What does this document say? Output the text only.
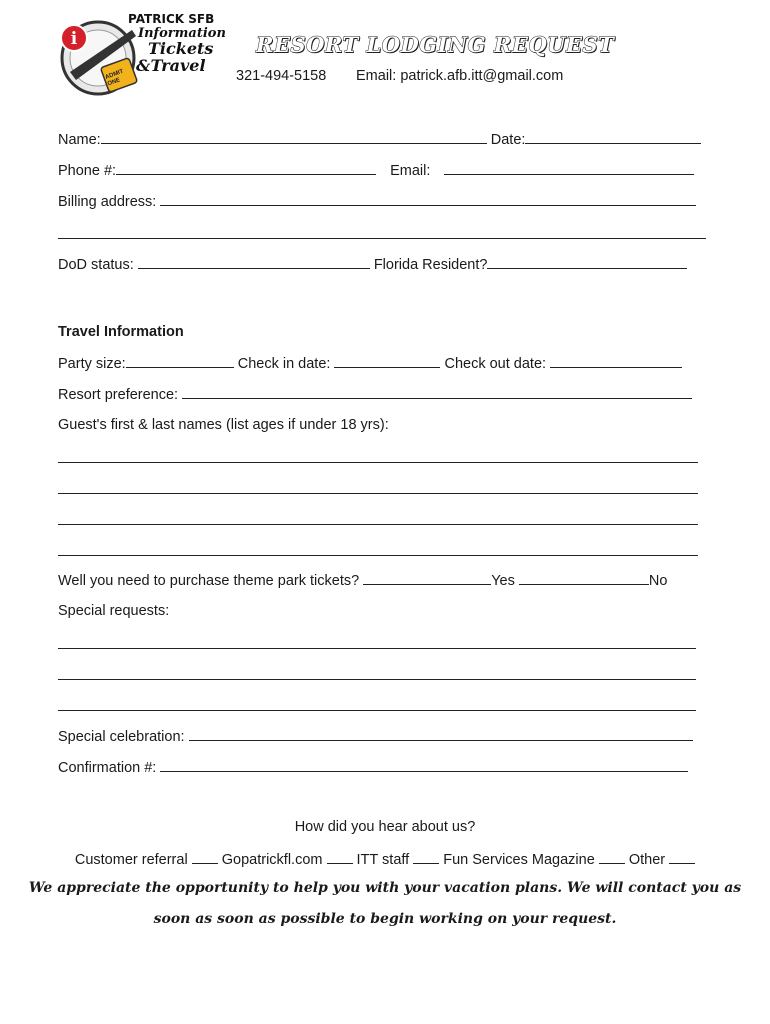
i
PATRICK SFB
Information
Tickets
&Travel
ADMIT ONE
RESORT LODGING REQUEST
321-494-5158 Email: patrick.afb.itt@gmail.com
Name:	Date:
Phone #:	Email:
Billing address:
DoD status:	Florida Resident?
Travel Information
Party size:	Check in date:	Check out date:
Resort preference:
Guest's first & last names (list ages if under 18 yrs):
Well you need to purchase theme park tickets?	Yes	No
Special requests:
Special celebration:
Confirmation #:
How did you hear about us?
Customer referral Gopatrickfl.com ITT staff Fun Services Magazine Other
We appreciate the opportunity to help you with your vacation plans. We will contact you as
soon as soon as possible to begin working on your request.
